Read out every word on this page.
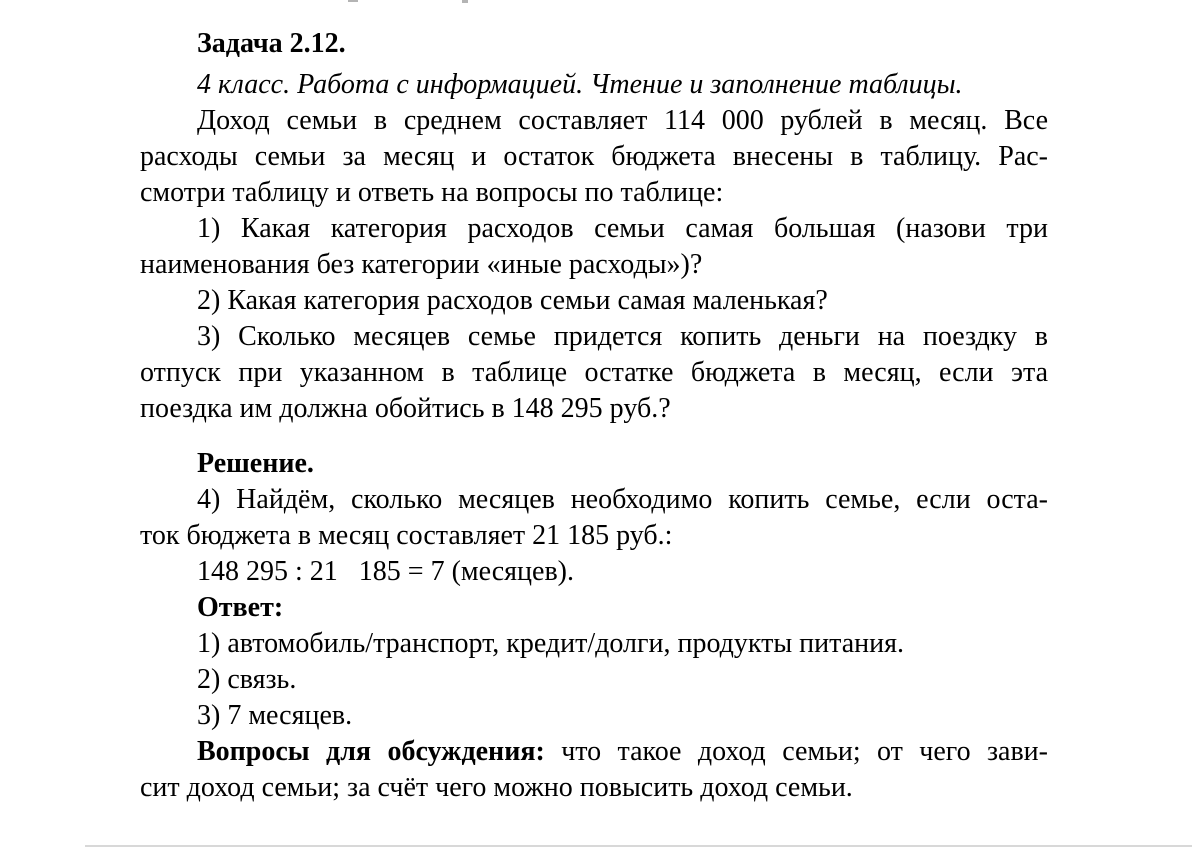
Задача 2.12.
4 класс. Работа с информацией. Чтение и заполнение таблицы.
Доход семьи в среднем составляет 114 000 рублей в месяц. Все
расходы семьи за месяц и остаток бюджета внесены в таблицу. Рас-
смотри таблицу и ответь на вопросы по таблице:
1) Какая категория расходов семьи самая большая (назови три
наименования без категории «иные расходы»)?
2) Какая категория расходов семьи самая маленькая?
3) Сколько месяцев семье придется копить деньги на поездку в
отпуск при указанном в таблице остатке бюджета в месяц, если эта
поездка им должна обойтись в 148 295 руб.?
Решение.
4) Найдём, сколько месяцев необходимо копить семье, если оста-
ток бюджета в месяц составляет 21 185 руб.:
148 295 : 21   185 = 7 (месяцев).
Ответ:
1) автомобиль/транспорт, кредит/долги, продукты питания.
2) связь.
3) 7 месяцев.
Вопросы для обсуждения: что такое доход семьи; от чего зави-
сит доход семьи; за счёт чего можно повысить доход семьи.
